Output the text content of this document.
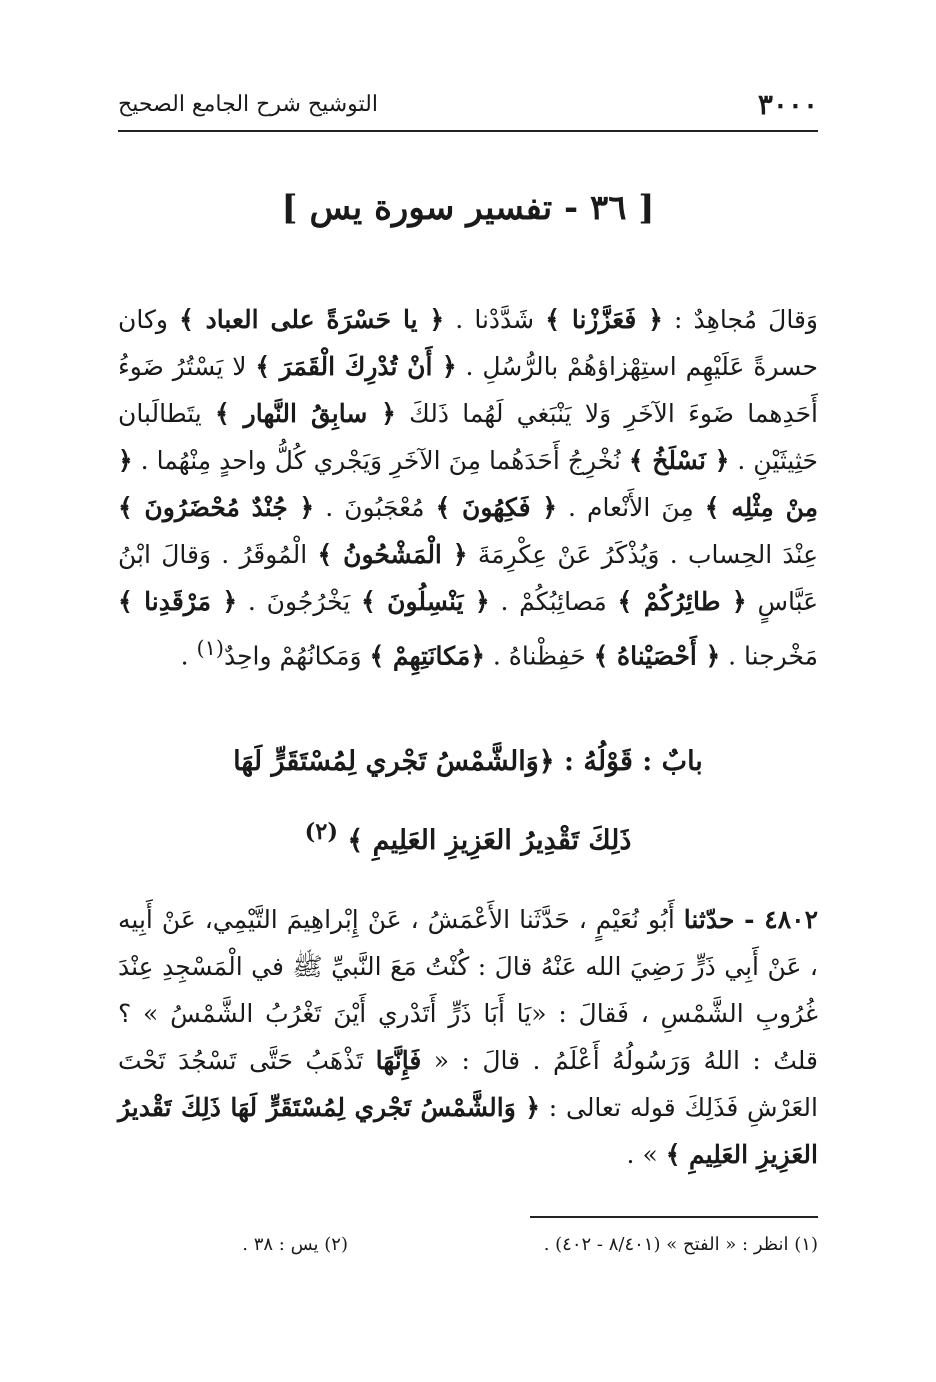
٣٠٠٠
التوشيح شرح الجامع الصحيح
[ ٣٦ - تفسير سورة يس ]
وَقالَ مُجاهِدٌ : ﴿ فَعَزَّزْنا ﴾ شَدَّدْنا . ﴿ يا حَسْرَةً على العباد ﴾ وكان حسرةً عَلَيْهِم استِهْزاؤهُمْ بالرُّسُلِ . ﴿ أَنْ تُدْرِكَ الْقَمَرَ ﴾ لا يَسْتُرُ ضَوءُ أَحَدِهما ضَوءَ الآخَرِ وَلا يَنْبَغي لَهُما ذَلكَ ﴿ سابِقُ النَّهار ﴾ يتَطالَبان حَثِيثَيْنِ . ﴿ نَسْلَخُ ﴾ نُخْرِجُ أَحَدَهُما مِنَ الآخَرِ وَيَجْري كُلُّ واحدٍ مِنْهُما . ﴿ مِنْ مِثْلِه ﴾ مِنَ الأَنْعام . ﴿ فَكِهُونَ ﴾ مُعْجَبُونَ . ﴿ جُنْدٌ مُحْضَرُونَ ﴾ عِنْدَ الحِساب . وَيُذْكَرُ عَنْ عِكْرِمَةَ ﴿ الْمَشْحُونُ ﴾ الْمُوقَرُ . وَقالَ ابْنُ عَبَّاسٍ ﴿ طائِرُكُمْ ﴾ مَصائِبُكُمْ . ﴿ يَنْسِلُونَ ﴾ يَخْرُجُونَ . ﴿ مَرْقَدِنا ﴾ مَخْرجنا . ﴿ أَحْصَيْناهُ ﴾ حَفِظْناهُ . ﴿مَكانَتِهِمْ ﴾ وَمَكانُهُمْ واحِدٌ$^{(١)}$ .
بابٌ : قَوْلُهُ : ﴿وَالشَّمْسُ تَجْري لِمُسْتَقَرٍّ لَهَا
ذَلِكَ تَقْدِيرُ العَزِيزِ العَلِيمِ ﴾ $^{(٢)}$
٤٨٠٢ - حدّثنا أَبُو نُعَيْمٍ ، حَدَّثَنا الأَعْمَشُ ، عَنْ إِبْراهِيمَ التَّيْمِي، عَنْ أَبِيه ، عَنْ أَبِي ذَرٍّ رَضِيَ الله عَنْهُ قالَ : كُنْتُ مَعَ النَّبيِّ ﷺ في الْمَسْجِدِ عِنْدَ غُرُوبِ الشَّمْسِ ، فَقالَ : «يَا أَبَا ذَرٍّ أَتَدْري أَيْنَ تَغْرُبُ الشَّمْسُ » ؟ قلتُ : اللهُ وَرَسُولُهُ أَعْلَمُ . قالَ : « فَإِنَّهَا تَذْهَبُ حَتَّى تَسْجُدَ تَحْتَ العَرْشِ فَذَلِكَ قوله تعالى : ﴿ وَالشَّمْسُ تَجْري لِمُسْتَقَرٍّ لَهَا ذَلِكَ تَقْديرُ العَزِيزِ العَلِيمِ ﴾ » .
(١) انظر : « الفتح » (٨/٤٠١ - ٤٠٢) .
(٢) يس : ٣٨ .
